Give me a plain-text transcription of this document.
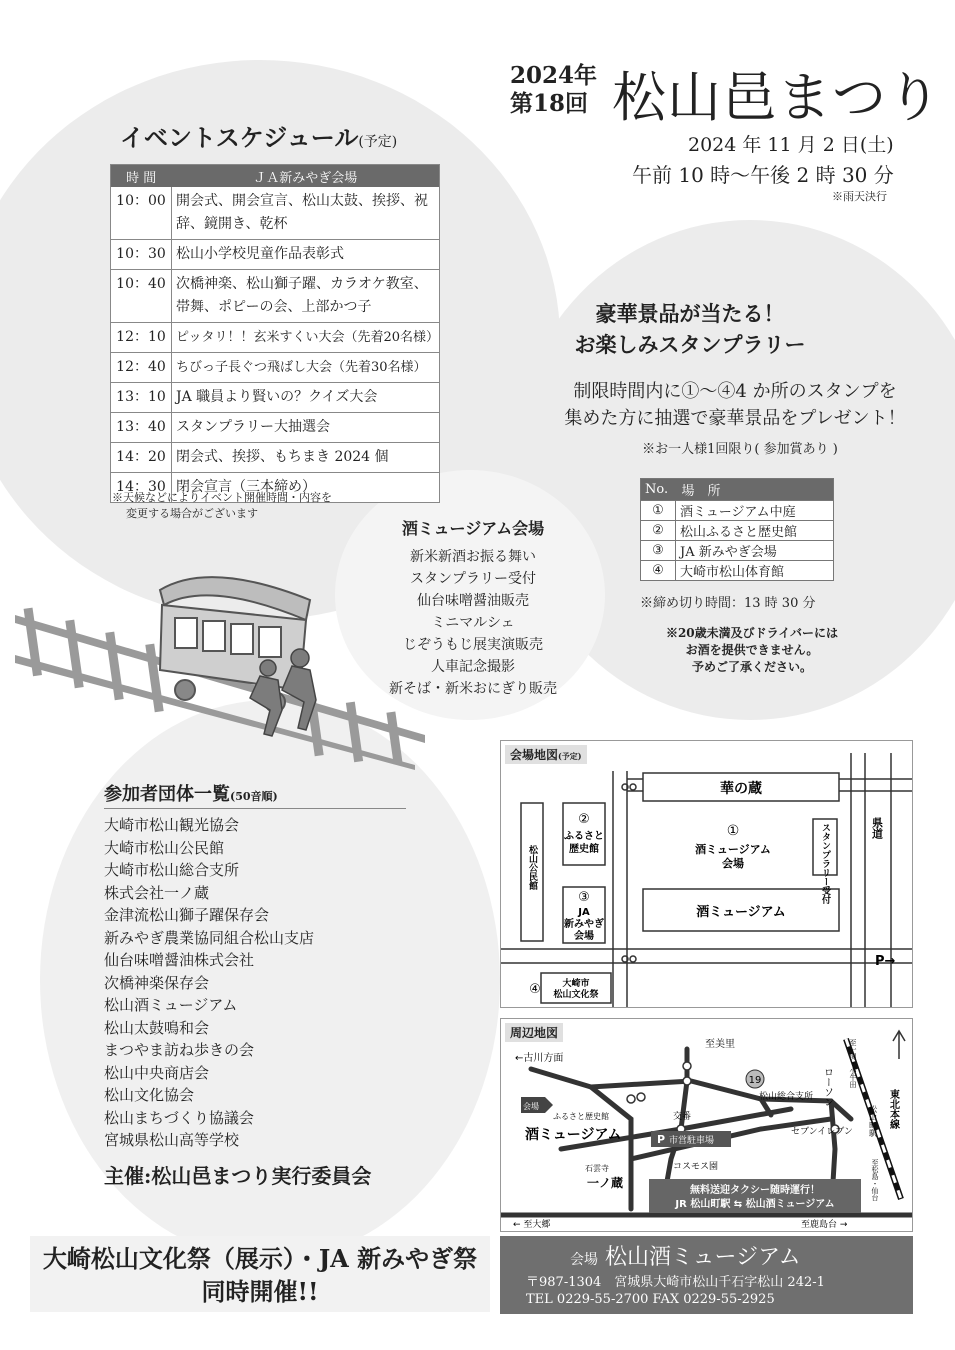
2024年
第18回 松山邑まつり
2024 年 11 月 2 日(土)
午前 10 時〜午後 2 時 30 分
※雨天決行
イベントスケジュール(予定)
時 間	ＪＡ新みやぎ会場
10：00	開会式、開会宣言、松山太鼓、挨拶、祝辞、鏡開き、乾杯
10：30	松山小学校児童作品表彰式
10：40	次橋神楽、松山獅子躍、カラオケ教室、帯舞、ポピーの会、上部かつ子
12：10	ピッタリ！！玄米すくい大会（先着20名様）
12：40	ちびっ子長ぐつ飛ばし大会（先着30名様）
13：10	JA 職員より賢いの？クイズ大会
13：40	スタンプラリー大抽選会
14：20	閉会式、挨拶、もちまき 2024 個
14：30	閉会宣言（三本締め）
※天候などによりイベント開催時間・内容を
変更する場合がございます
豪華景品が当たる！
お楽しみスタンプラリー
制限時間内に①〜④4 か所のスタンプを
集めた方に抽選で豪華景品をプレゼント！
※お一人様1回限り( 参加賞あり )
No.	場　所
①	酒ミュージアム中庭
②	松山ふるさと歴史館
③	JA 新みやぎ会場
④	大崎市松山体育館
※締め切り時間：13 時 30 分
※20歳未満及びドライバーには
お酒を提供できません。
予めご了承ください。
酒ミュージアム会場
新米新酒お振る舞い
スタンプラリー受付
仙台味噌醤油販売
ミニマルシェ
じぞうもじ展実演販売
人車記念撮影
新そば・新米おにぎり販売
参加者団体一覧(50音順)
大崎市松山観光協会
大崎市松山公民館
大崎市松山総合支所
株式会社一ノ蔵
金津流松山獅子躍保存会
新みやぎ農業協同組合松山支店
仙台味噌醤油株式会社
次橋神楽保存会
松山酒ミュージアム
松山太鼓鳴和会
まつやま訪ね歩きの会
松山中央商店会
松山文化協会
松山まちづくり協議会
宮城県松山高等学校
主催:松山邑まつり実行委員会
会場地図(予定)
華の蔵
①
酒ミュージアム
会場
酒ミュージアム
スタンプラリー受付
松山公民館
②
ふるさと
歴史館
③
JA
新みやぎ
会場
④ 大崎市
松山文化祭
県道
P→
周辺地図
19
←古川方面
至美里
ローソン
松山総合支所
ふるさと歴史館	交番
セブンイレブン
会場
酒ミュージアム	P 市営駐車場
石雲寺	コスモス園
一ノ蔵
無料送迎タクシー随時運行！
JR 松山町駅 ⇆ 松山酒ミュージアム
← 至大郷	至鹿島台 →
松山町駅 東北本線
至一関・小牛田
至松島・仙台
大崎松山文化祭（展示）・JA 新みやぎ祭
同時開催!!
会場 松山酒ミュージアム
〒987-1304　宮城県大崎市松山千石字松山 242-1
TEL 0229-55-2700 FAX 0229-55-2925
